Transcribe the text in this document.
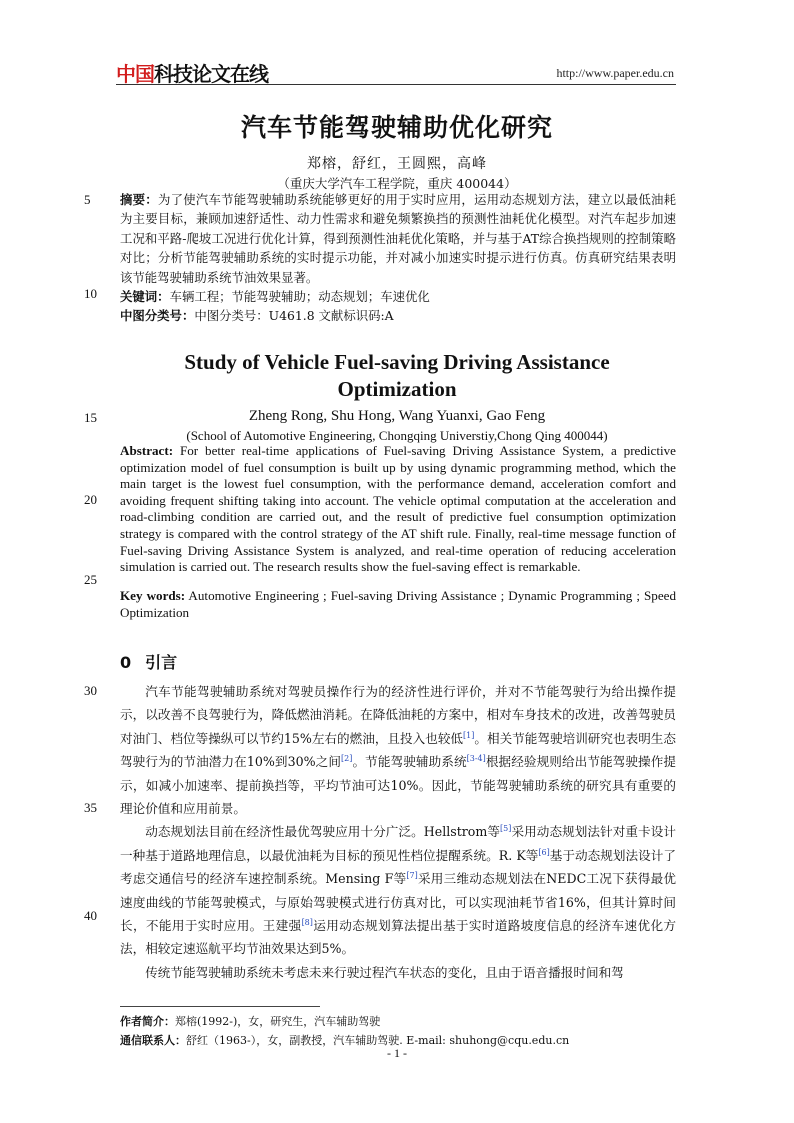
中国科技论文在线	http://www.paper.edu.cn
汽车节能驾驶辅助优化研究
郑榕，舒红，王圆熙，高峰
（重庆大学汽车工程学院，重庆 400044）
5
10
15
20
25
30
35
40
摘要：为了使汽车节能驾驶辅助系统能够更好的用于实时应用，运用动态规划方法，建立以最低油耗为主要目标，兼顾加速舒适性、动力性需求和避免频繁换挡的预测性油耗优化模型。对汽车起步加速工况和平路-爬坡工况进行优化计算，得到预测性油耗优化策略，并与基于AT综合换挡规则的控制策略对比；分析节能驾驶辅助系统的实时提示功能，并对减小加速实时提示进行仿真。仿真研究结果表明该节能驾驶辅助系统节油效果显著。
关键词：车辆工程；节能驾驶辅助；动态规划；车速优化
中图分类号：中图分类号：U461.8 文献标识码:A
Study of Vehicle Fuel-saving Driving Assistance
Optimization
Zheng Rong, Shu Hong, Wang Yuanxi, Gao Feng
(School of Automotive Engineering, Chongqing Universtiy,Chong Qing 400044)
Abstract: For better real-time applications of Fuel-saving Driving Assistance System, a predictive optimization model of fuel consumption is built up by using dynamic programming method, which the main target is the lowest fuel consumption, with the performance demand, acceleration comfort and avoiding frequent shifting taking into account. The vehicle optimal computation at the acceleration and road-climbing condition are carried out, and the result of predictive fuel consumption optimization strategy is compared with the control strategy of the AT shift rule. Finally, real-time message function of Fuel-saving Driving Assistance System is analyzed, and real-time operation of reducing acceleration simulation is carried out. The research results show the fuel-saving effect is remarkable.
Key words: Automotive Engineering ; Fuel-saving Driving Assistance ; Dynamic Programming ; Speed Optimization
0 引言

汽车节能驾驶辅助系统对驾驶员操作行为的经济性进行评价，并对不节能驾驶行为给出操作提示，以改善不良驾驶行为，降低燃油消耗。在降低油耗的方案中，相对车身技术的改进，改善驾驶员对油门、档位等操纵可以节约15%左右的燃油，且投入也较低[1]。相关节能驾驶培训研究也表明生态驾驶行为的节油潜力在10%到30%之间[2]。节能驾驶辅助系统[3-4]根据经验规则给出节能驾驶操作提示，如减小加速率、提前换挡等，平均节油可达10%。因此，节能驾驶辅助系统的研究具有重要的理论价值和应用前景。

动态规划法目前在经济性最优驾驶应用十分广泛。Hellstrom等[5]采用动态规划法针对重卡设计一种基于道路地理信息，以最优油耗为目标的预见性档位提醒系统。R. K等[6]基于动态规划法设计了考虑交通信号的经济车速控制系统。Mensing F等[7]采用三维动态规划法在NEDC工况下获得最优速度曲线的节能驾驶模式，与原始驾驶模式进行仿真对比，可以实现油耗节省16%，但其计算时间长，不能用于实时应用。王建强[8]运用动态规划算法提出基于实时道路坡度信息的经济车速优化方法，相较定速巡航平均节油效果达到5%。

传统节能驾驶辅助系统未考虑未来行驶过程汽车状态的变化，且由于语音播报时间和驾

作者简介：郑榕(1992-)，女，研究生，汽车辅助驾驶
通信联系人：舒红（1963-），女，副教授，汽车辅助驾驶. E-mail: shuhong@cqu.edu.cn
- 1 -
